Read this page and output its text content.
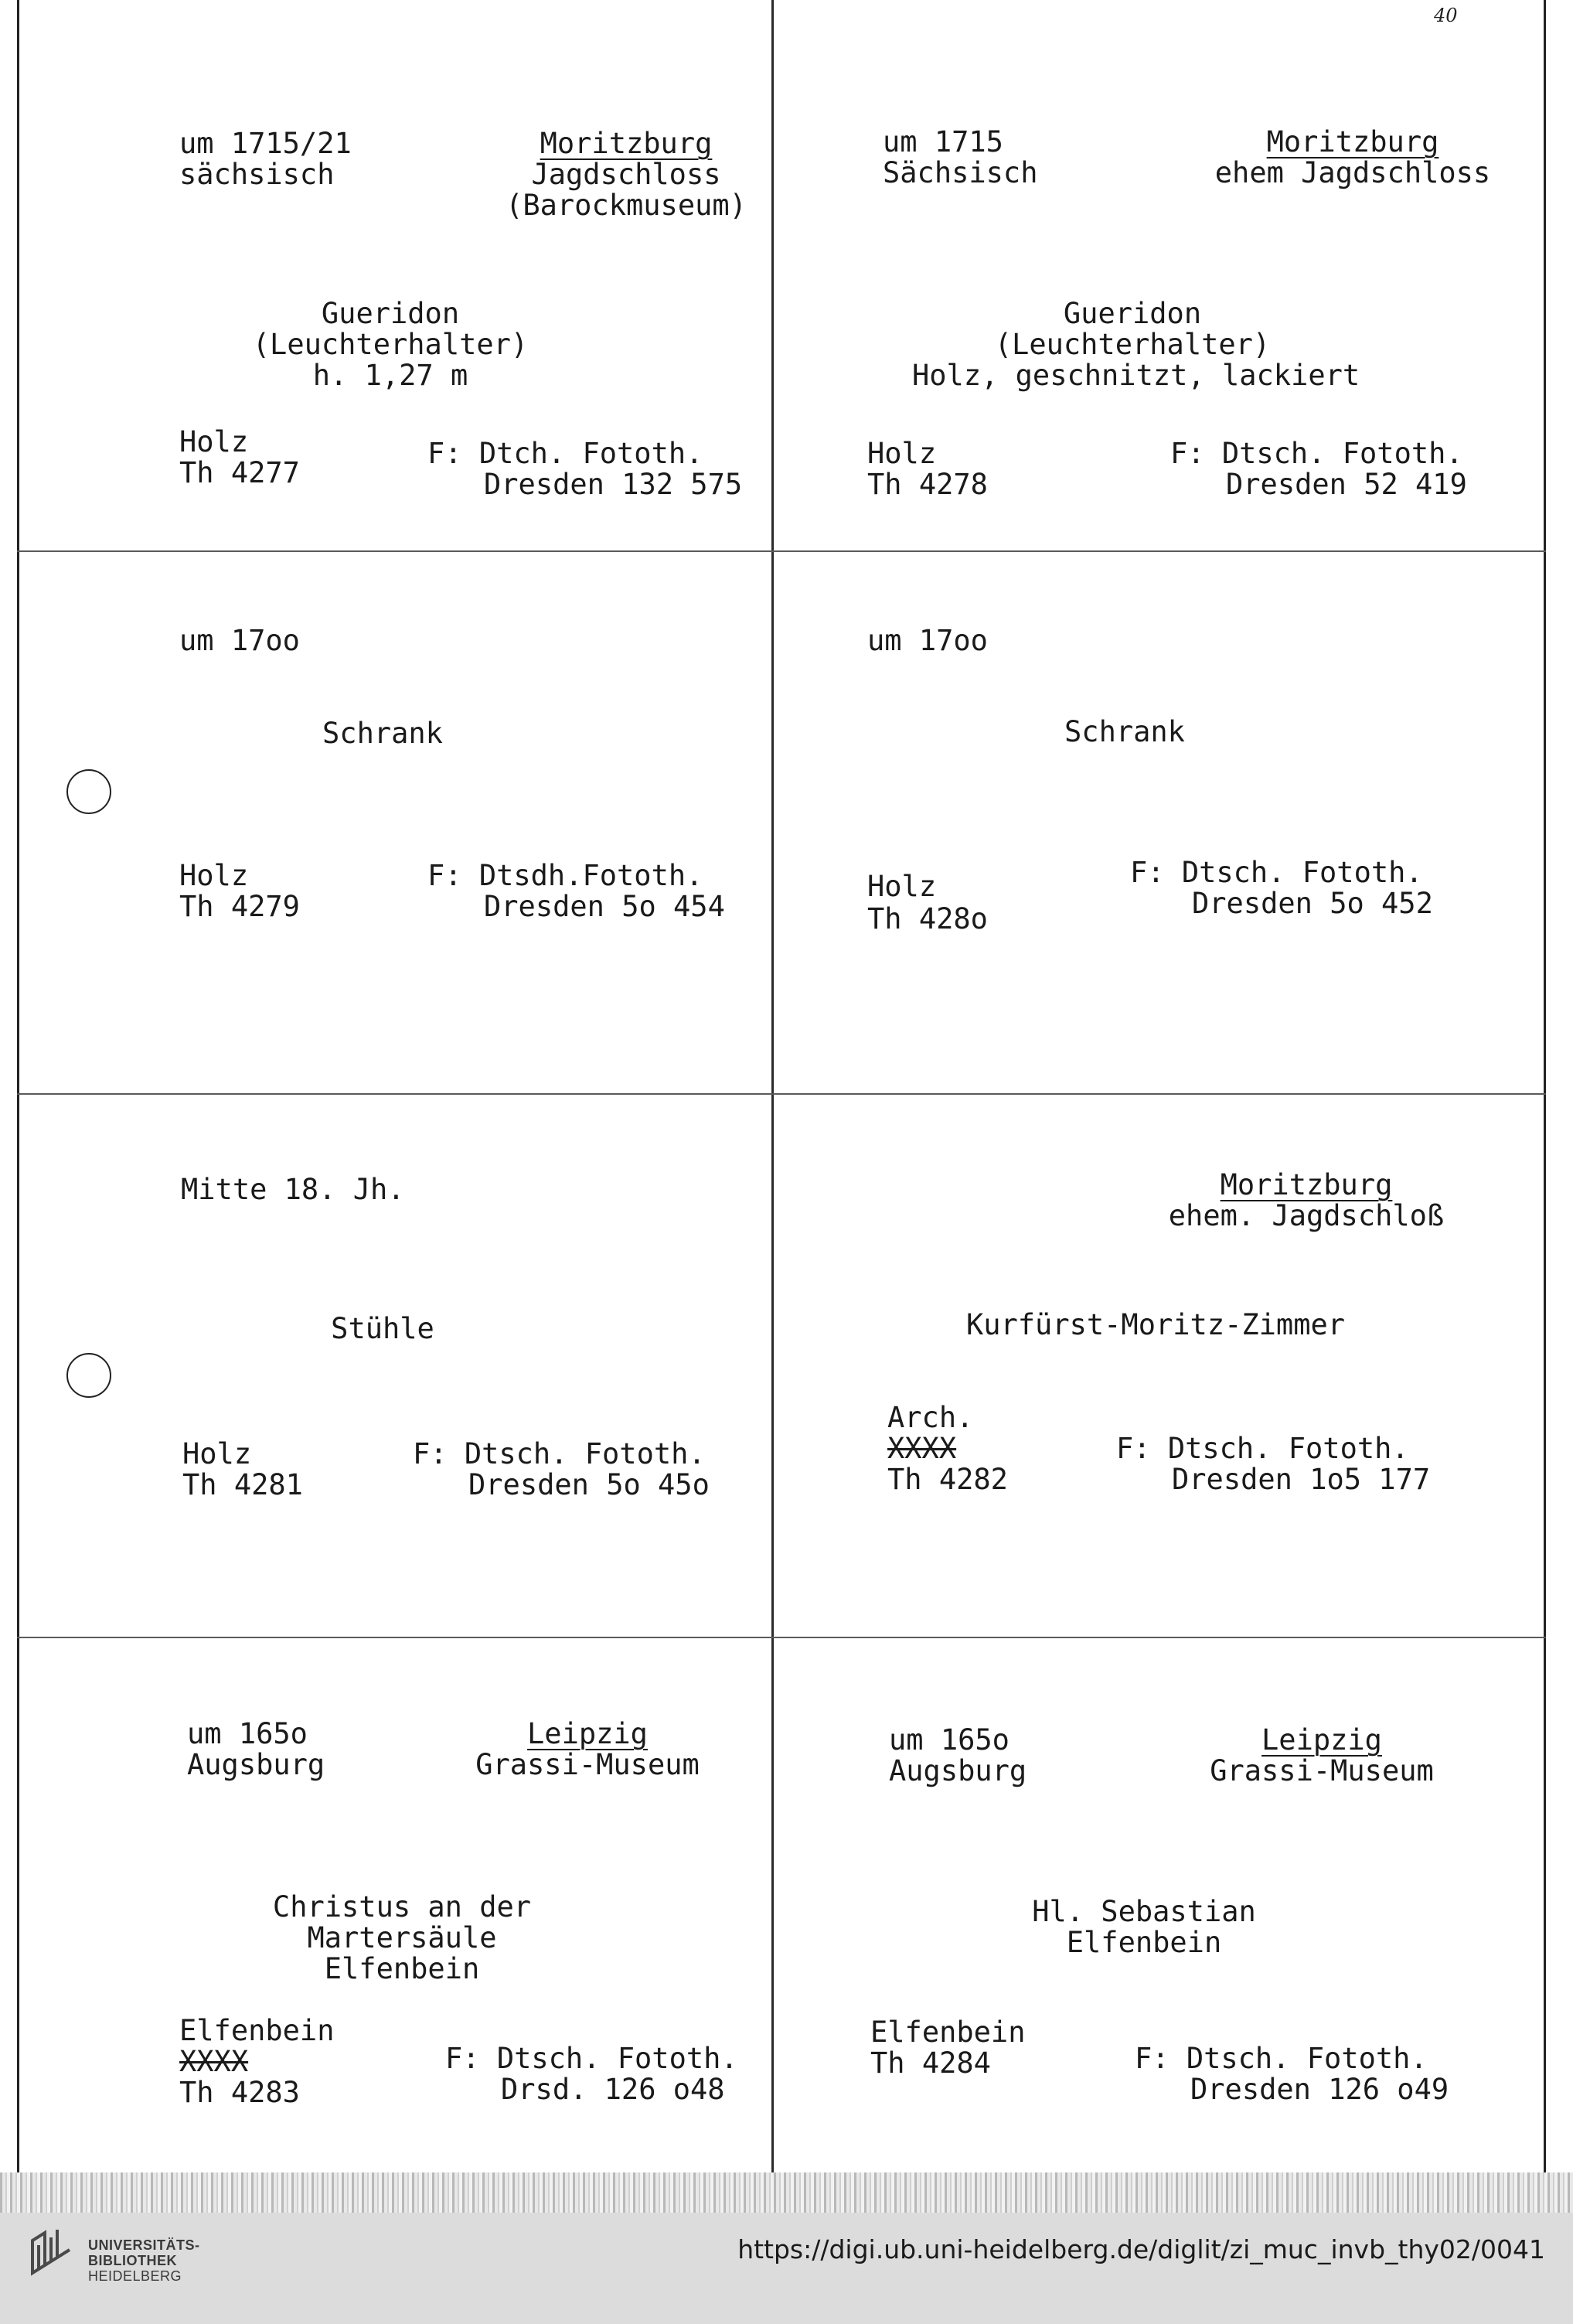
40
um 1715/21
sächsisch
Moritzburg
Jagdschloss
(Barockmuseum)
Gueridon
(Leuchterhalter)
h. 1,27 m
Holz
Th 4277
F: Dtch. Fototh.
Dresden 132 575
um 1715
Sächsisch
Moritzburg
ehem Jagdschloss
Gueridon
(Leuchterhalter)
Holz, geschnitzt, lackiert
Holz
Th 4278
F: Dtsch. Fototh.
Dresden 52 419
um 17oo
Schrank
Holz
Th 4279
F: Dtsdh.Fototh.
Dresden 5o 454
um 17oo
Schrank
Holz
Th 428o
F: Dtsch. Fototh.
Dresden 5o 452
Mitte 18. Jh.
Stühle
Holz
Th 4281
F: Dtsch. Fototh.
Dresden 5o 45o
Moritzburg
ehem. Jagdschloß
Kurfürst-Moritz-Zimmer
Arch.
XXXX
Th 4282
F: Dtsch. Fototh.
Dresden 1o5 177
um 165o
Augsburg
Leipzig
Grassi-Museum
Christus an der
Martersäule
Elfenbein
Elfenbein
XXXX
Th 4283
F: Dtsch. Fototh.
Drsd. 126 o48
um 165o
Augsburg
Leipzig
Grassi-Museum
Hl. Sebastian
Elfenbein
Elfenbein
Th 4284	F: Dtsch. Fototh.
Dresden 126 o49
UNIVERSITÄTS-
BIBLIOTHEK
HEIDELBERG
https://digi.ub.uni-heidelberg.de/diglit/zi_muc_invb_thy02/0041
